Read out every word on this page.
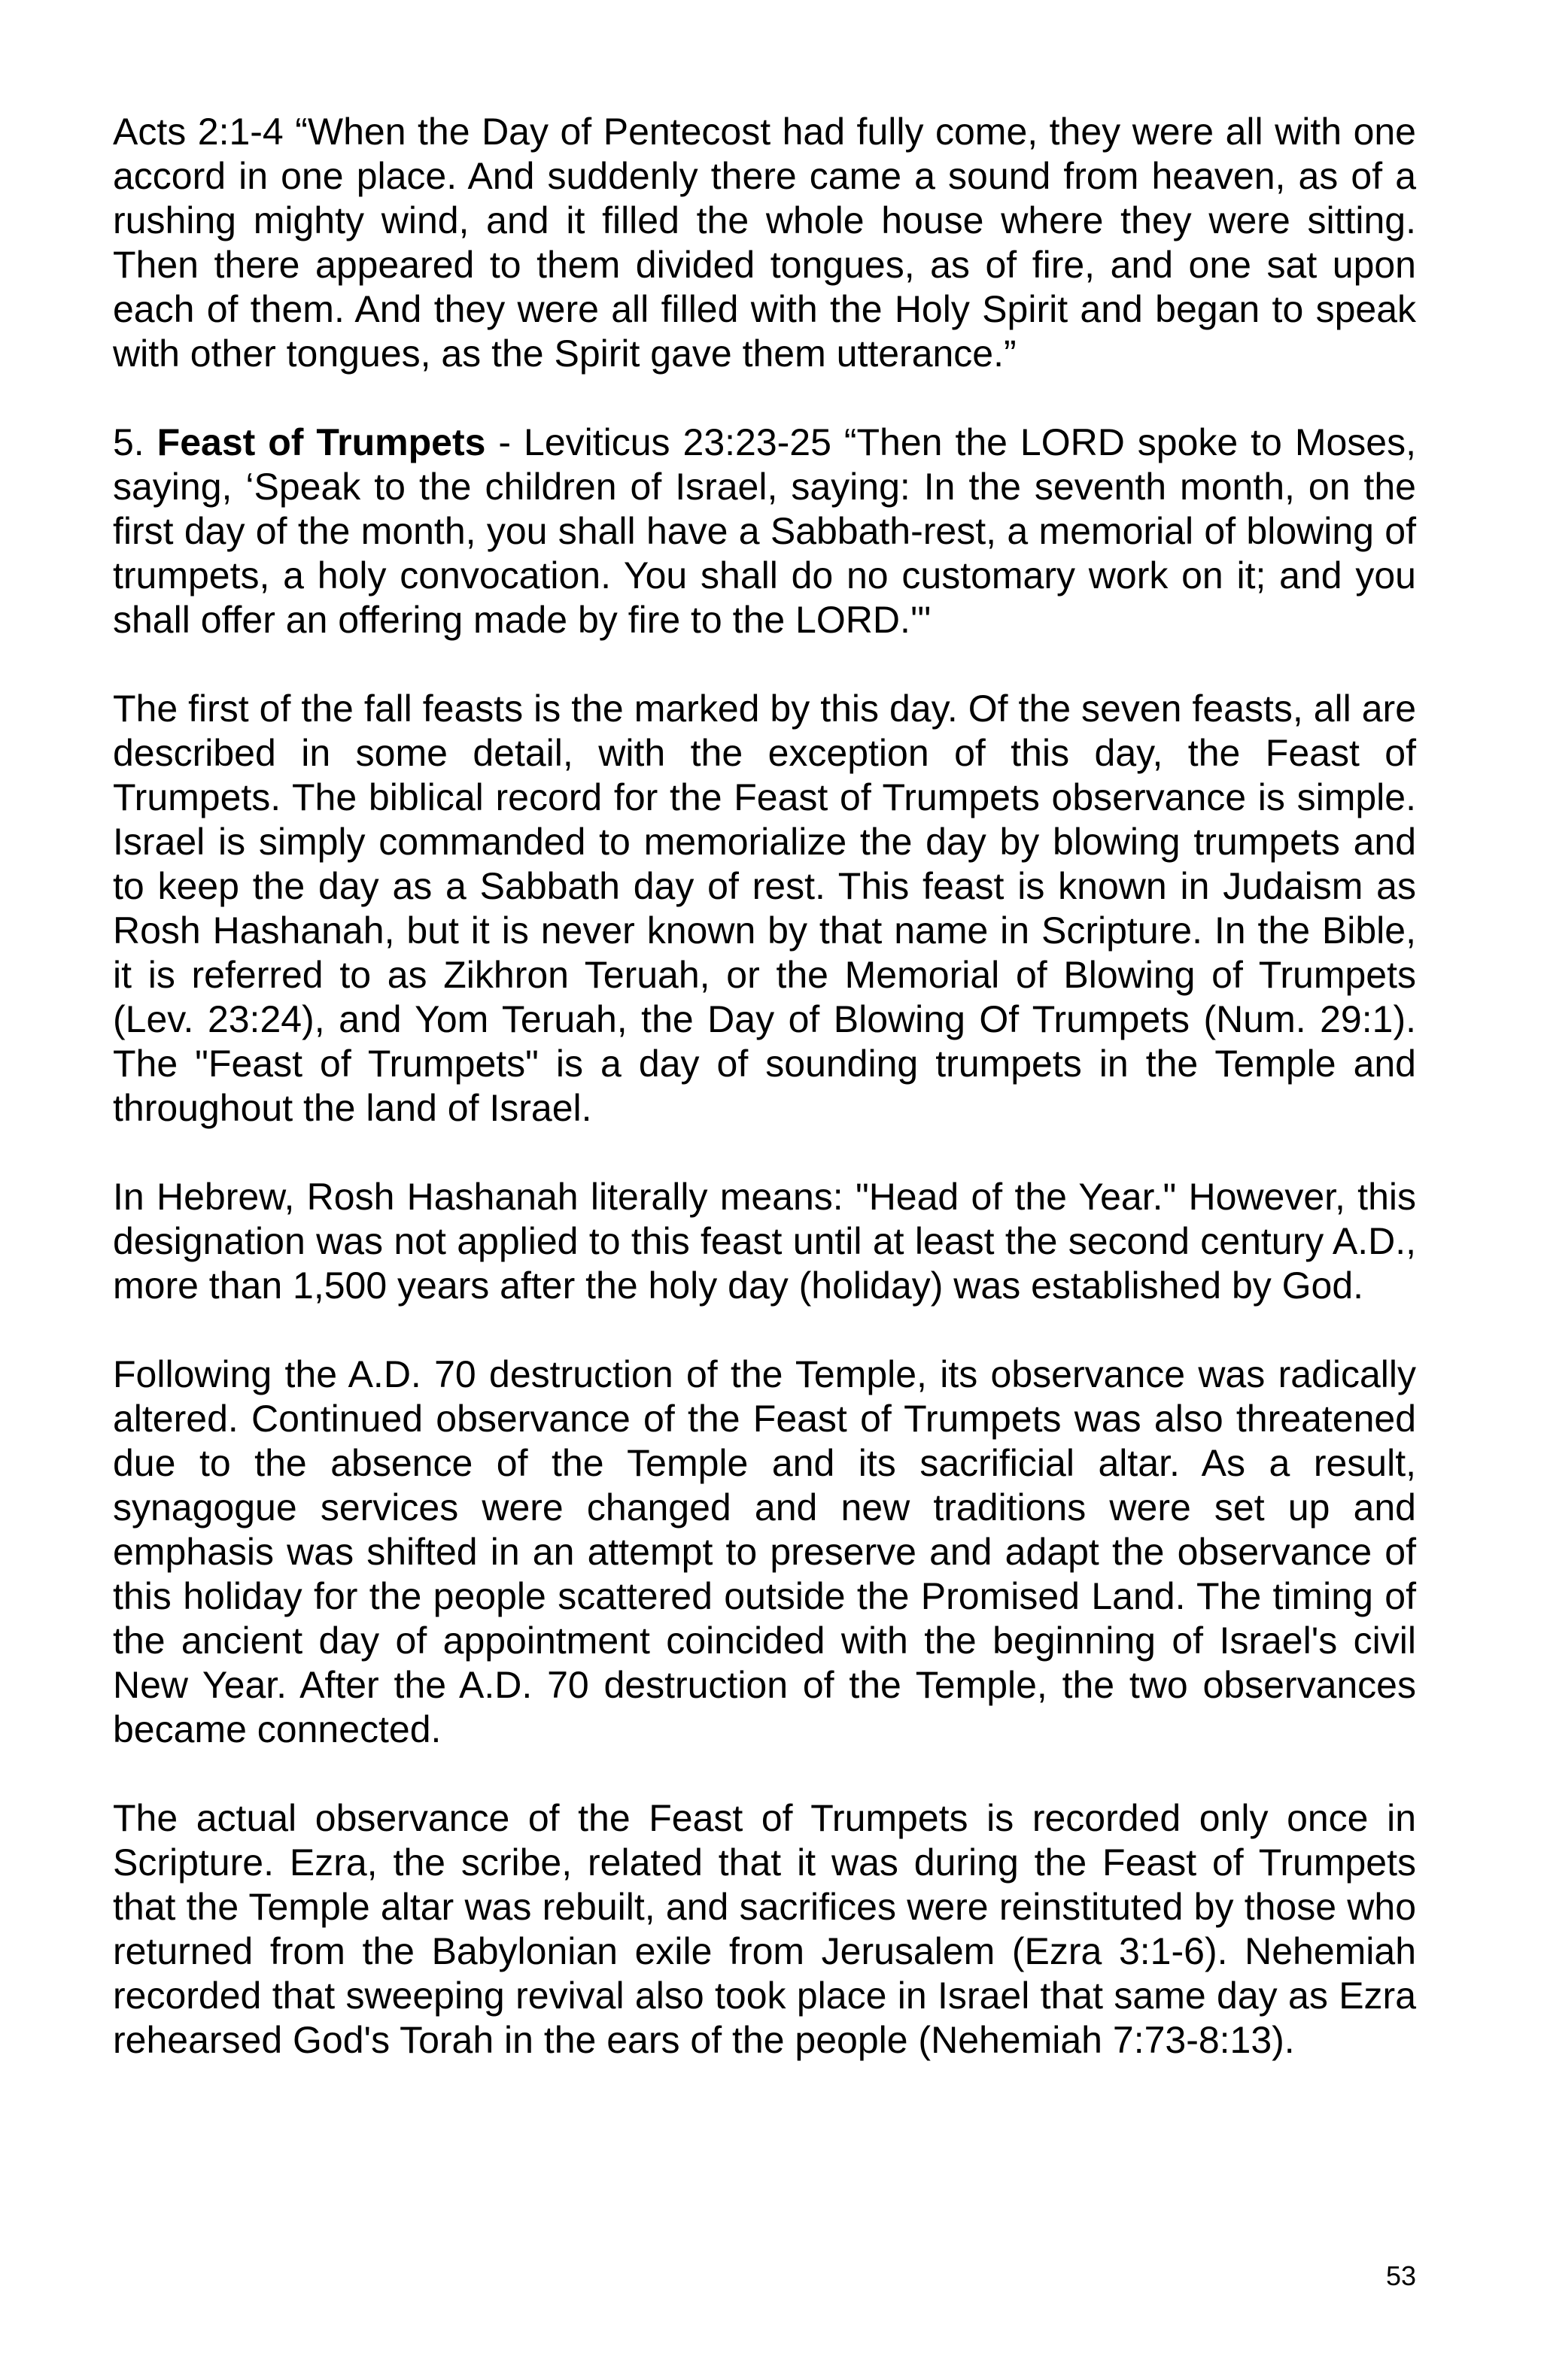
Acts 2:1-4 “When the Day of Pentecost had fully come, they were all with one accord in one place. And suddenly there came a sound from heaven, as of a rushing mighty wind, and it filled the whole house where they were sitting. Then there appeared to them divided tongues, as of fire, and one sat upon each of them. And they were all filled with the Holy Spirit and began to speak with other tongues, as the Spirit gave them utterance.”

5. Feast of Trumpets - Leviticus 23:23-25 “Then the LORD spoke to Moses, saying, ‘Speak to the children of Israel, saying: In the seventh month, on the first day of the month, you shall have a Sabbath-rest, a memorial of blowing of trumpets, a holy convocation. You shall do no customary work on it; and you shall offer an offering made by fire to the LORD.'"

The first of the fall feasts is the marked by this day. Of the seven feasts, all are described in some detail, with the exception of this day, the Feast of Trumpets. The biblical record for the Feast of Trumpets observance is simple. Israel is simply commanded to memorialize the day by blowing trumpets and to keep the day as a Sabbath day of rest. This feast is known in Judaism as Rosh Hashanah, but it is never known by that name in Scripture. In the Bible, it is referred to as Zikhron Teruah, or the Memorial of Blowing of Trumpets (Lev. 23:24), and Yom Teruah, the Day of Blowing Of Trumpets (Num. 29:1). The "Feast of Trumpets" is a day of sounding trumpets in the Temple and throughout the land of Israel.

In Hebrew, Rosh Hashanah literally means: "Head of the Year." However, this designation was not applied to this feast until at least the second century A.D., more than 1,500 years after the holy day (holiday) was established by God.

Following the A.D. 70 destruction of the Temple, its observance was radically altered. Continued observance of the Feast of Trumpets was also threatened due to the absence of the Temple and its sacrificial altar. As a result, synagogue services were changed and new traditions were set up and emphasis was shifted in an attempt to preserve and adapt the observance of this holiday for the people scattered outside the Promised Land. The timing of the ancient day of appointment coincided with the beginning of Israel's civil New Year. After the A.D. 70 destruction of the Temple, the two observances became connected.

The actual observance of the Feast of Trumpets is recorded only once in Scripture. Ezra, the scribe, related that it was during the Feast of Trumpets that the Temple altar was rebuilt, and sacrifices were reinstituted by those who returned from the Babylonian exile from Jerusalem (Ezra 3:1-6). Nehemiah recorded that sweeping revival also took place in Israel that same day as Ezra rehearsed God's Torah in the ears of the people (Nehemiah 7:73-8:13).

53
